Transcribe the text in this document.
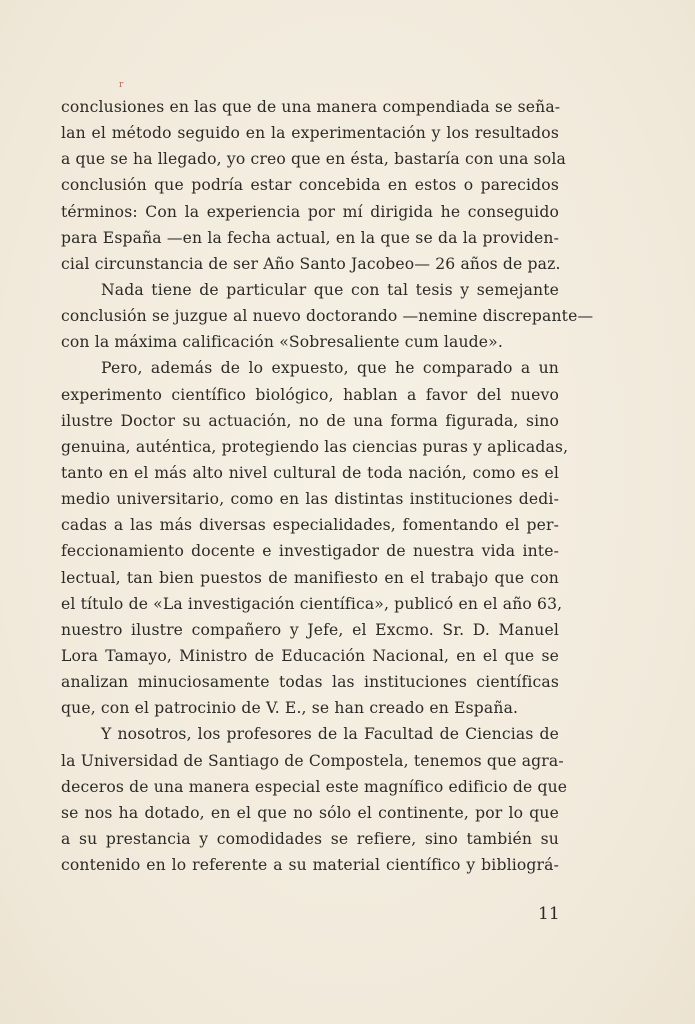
r
conclusiones en las que de una manera compendiada se seña-
lan el método seguido en la experimentación y los resultados
a que se ha llegado, yo creo que en ésta, bastaría con una sola
conclusión que podría estar concebida en estos o parecidos
términos: Con la experiencia por mí dirigida he conseguido
para España —en la fecha actual, en la que se da la providen-
cial circunstancia de ser Año Santo Jacobeo— 26 años de paz.
Nada tiene de particular que con tal tesis y semejante
conclusión se juzgue al nuevo doctorando —nemine discrepante—
con la máxima calificación «Sobresaliente cum laude».
Pero, además de lo expuesto, que he comparado a un
experimento científico biológico, hablan a favor del nuevo
ilustre Doctor su actuación, no de una forma figurada, sino
genuina, auténtica, protegiendo las ciencias puras y aplicadas,
tanto en el más alto nivel cultural de toda nación, como es el
medio universitario, como en las distintas instituciones dedi-
cadas a las más diversas especialidades, fomentando el per-
feccionamiento docente e investigador de nuestra vida inte-
lectual, tan bien puestos de manifiesto en el trabajo que con
el título de «La investigación científica», publicó en el año 63,
nuestro ilustre compañero y Jefe, el Excmo. Sr. D. Manuel
Lora Tamayo, Ministro de Educación Nacional, en el que se
analizan minuciosamente todas las instituciones científicas
que, con el patrocinio de V. E., se han creado en España.
Y nosotros, los profesores de la Facultad de Ciencias de
la Universidad de Santiago de Compostela, tenemos que agra-
deceros de una manera especial este magnífico edificio de que
se nos ha dotado, en el que no sólo el continente, por lo que
a su prestancia y comodidades se refiere, sino también su
contenido en lo referente a su material científico y bibliográ-
11
